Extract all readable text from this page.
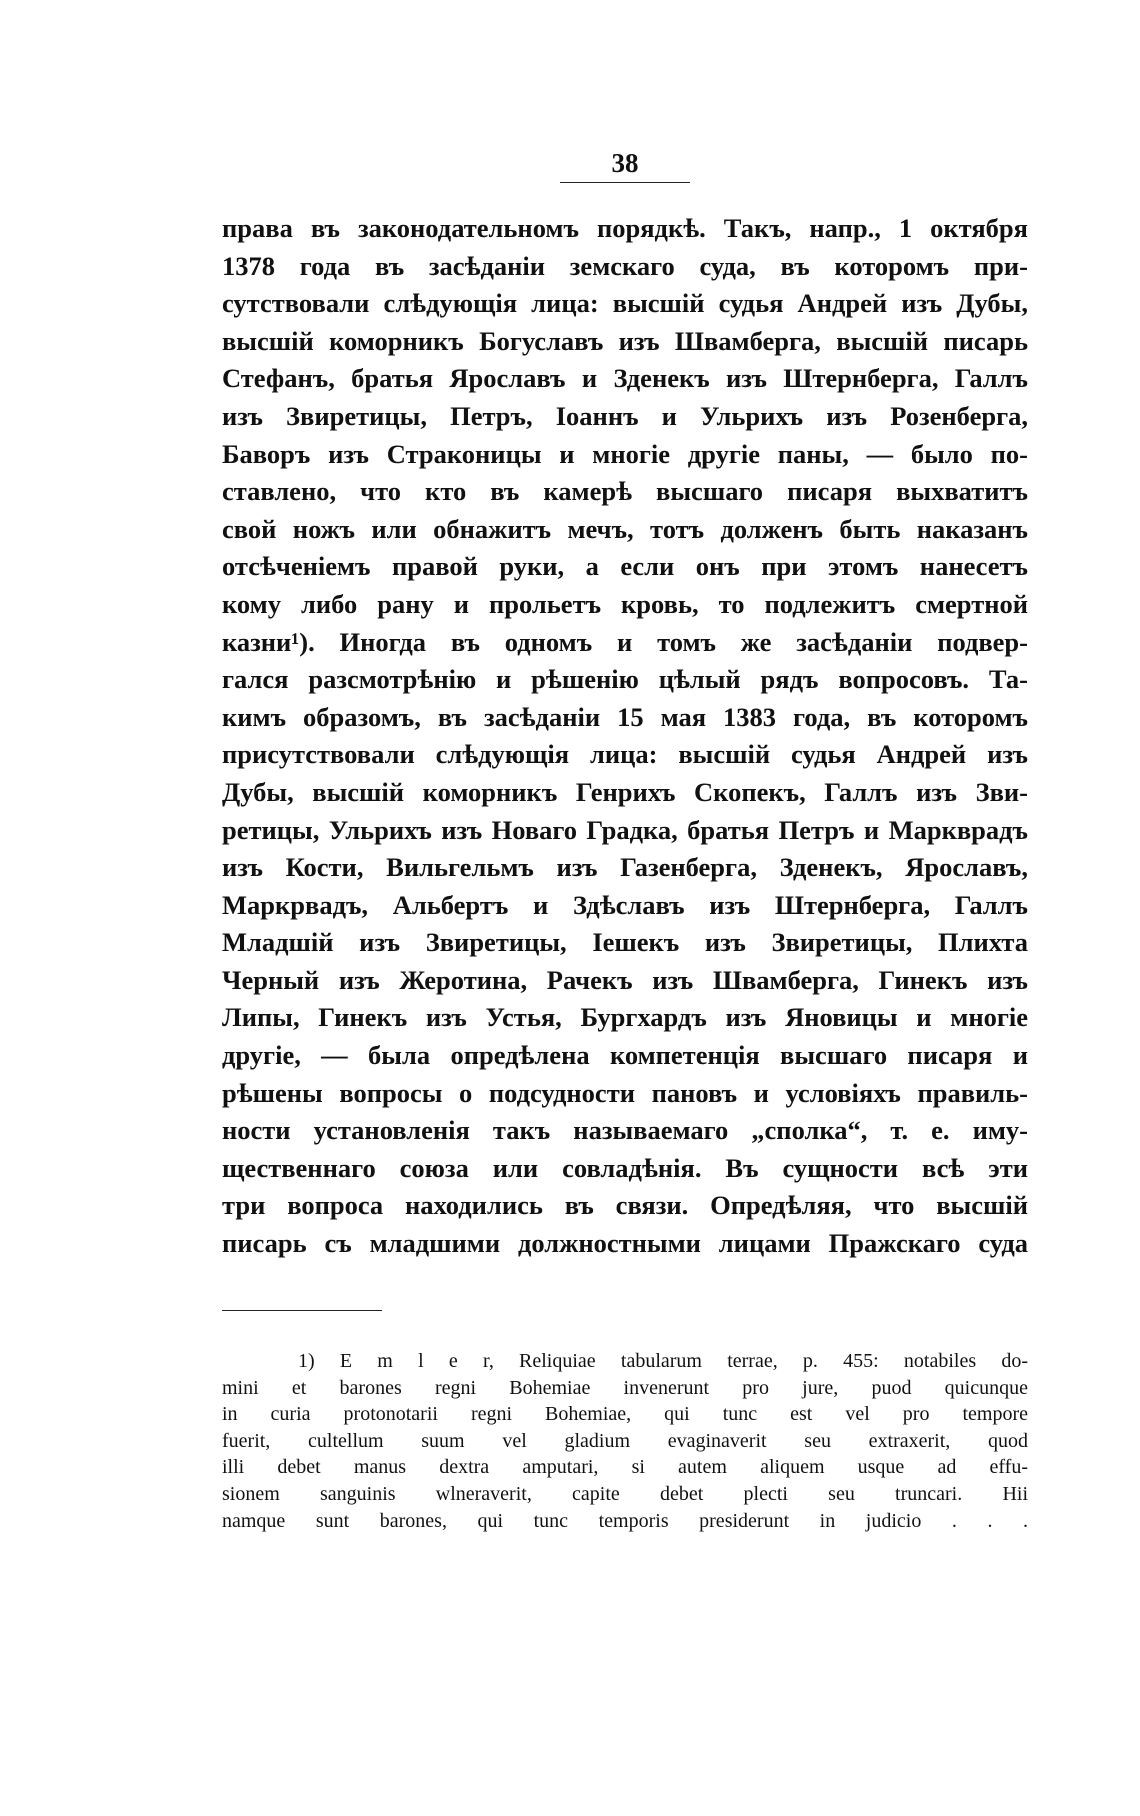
38
права въ законодательномъ порядкѣ. Такъ, напр., 1 октября
1378 года въ засѣданіи земскаго суда, въ которомъ при-
сутствовали слѣдующія лица: высшій судья Андрей изъ Дубы,
высшій коморникъ Богуславъ изъ Швамберга, высшій писарь
Стефанъ, братья Ярославъ и Зденекъ изъ Штернберга, Галлъ
изъ Звиретицы, Петръ, Іоаннъ и Ульрихъ изъ Розенберга,
Баворъ изъ Страконицы и многіе другіе паны, — было по-
ставлено, что кто въ камерѣ высшаго писаря выхватитъ
свой ножъ или обнажитъ мечъ, тотъ долженъ быть наказанъ
отсѣченіемъ правой руки, а если онъ при этомъ нанесетъ
кому либо рану и прольетъ кровь, то подлежитъ смертной
казни¹). Иногда въ одномъ и томъ же засѣданіи подвер-
гался разсмотрѣнію и рѣшенію цѣлый рядъ вопросовъ. Та-
кимъ образомъ, въ засѣданіи 15 мая 1383 года, въ которомъ
присутствовали слѣдующія лица: высшій судья Андрей изъ
Дубы, высшій коморникъ Генрихъ Скопекъ, Галлъ изъ Зви-
ретицы, Ульрихъ изъ Новаго Градка, братья Петръ и Маркврадъ
изъ Кости, Вильгельмъ изъ Газенберга, Зденекъ, Ярославъ,
Маркрвадъ, Альбертъ и Здѣславъ изъ Штернберга, Галлъ
Младшій изъ Звиретицы, Іешекъ изъ Звиретицы, Плихта
Черный изъ Жеротина, Рачекъ изъ Швамберга, Гинекъ изъ
Липы, Гинекъ изъ Устья, Бургхардъ изъ Яновицы и многіе
другіе, — была опредѣлена компетенція высшаго писаря и
рѣшены вопросы о подсудности пановъ и условіяхъ правиль-
ности установленія такъ называемаго „сполка“, т. е. иму-
щественнаго союза или совладѣнія. Въ сущности всѣ эти
три вопроса находились въ связи. Опредѣляя, что высшій
писарь съ младшими должностными лицами Пражскаго суда
1) E m l e r, Reliquiae tabularum terrae, p. 455: notabiles do-
mini et barones regni Bohemiae invenerunt pro jure, puod quicunque
in curia protonotarii regni Bohemiae, qui tunc est vel pro tempore
fuerit, cultellum suum vel gladium evaginaverit seu extraxerit, quod
illi debet manus dextra amputari, si autem aliquem usque ad effu-
sionem sanguinis wlneraverit, capite debet plecti seu truncari. Hii
namque sunt barones, qui tunc temporis presiderunt in judicio . . .
